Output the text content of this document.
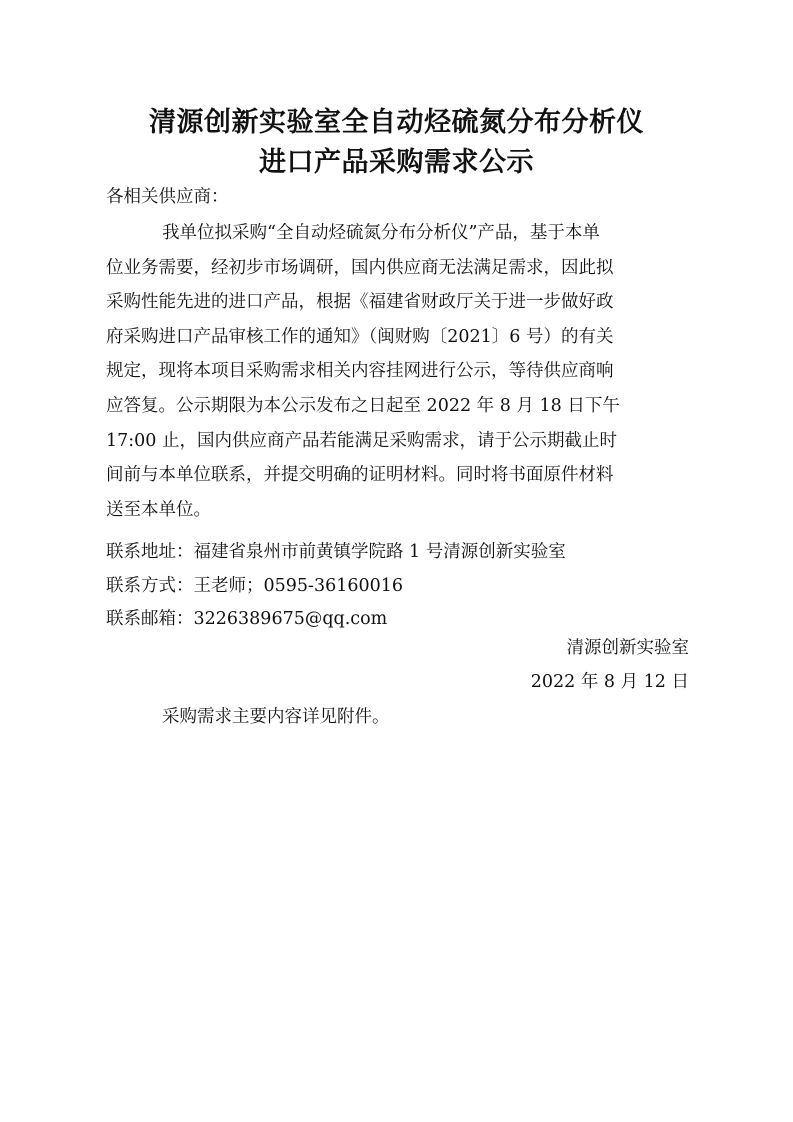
清源创新实验室全自动烃硫氮分布分析仪
进口产品采购需求公示

各相关供应商：

我单位拟采购“全自动烃硫氮分布分析仪”产品，基于本单
位业务需要，经初步市场调研，国内供应商无法满足需求，因此拟
采购性能先进的进口产品，根据《福建省财政厅关于进一步做好政
府采购进口产品审核工作的通知》（闽财购〔2021〕6 号）的有关
规定，现将本项目采购需求相关内容挂网进行公示，等待供应商响
应答复。公示期限为本公示发布之日起至 2022 年 8 月 18 日下午
17:00 止，国内供应商产品若能满足采购需求，请于公示期截止时
间前与本单位联系，并提交明确的证明材料。同时将书面原件材料
送至本单位。

联系地址：福建省泉州市前黄镇学院路 1 号清源创新实验室

联系方式：王老师；0595-36160016

联系邮箱：3226389675@qq.com

清源创新实验室

2022 年 8 月 12 日

采购需求主要内容详见附件。
